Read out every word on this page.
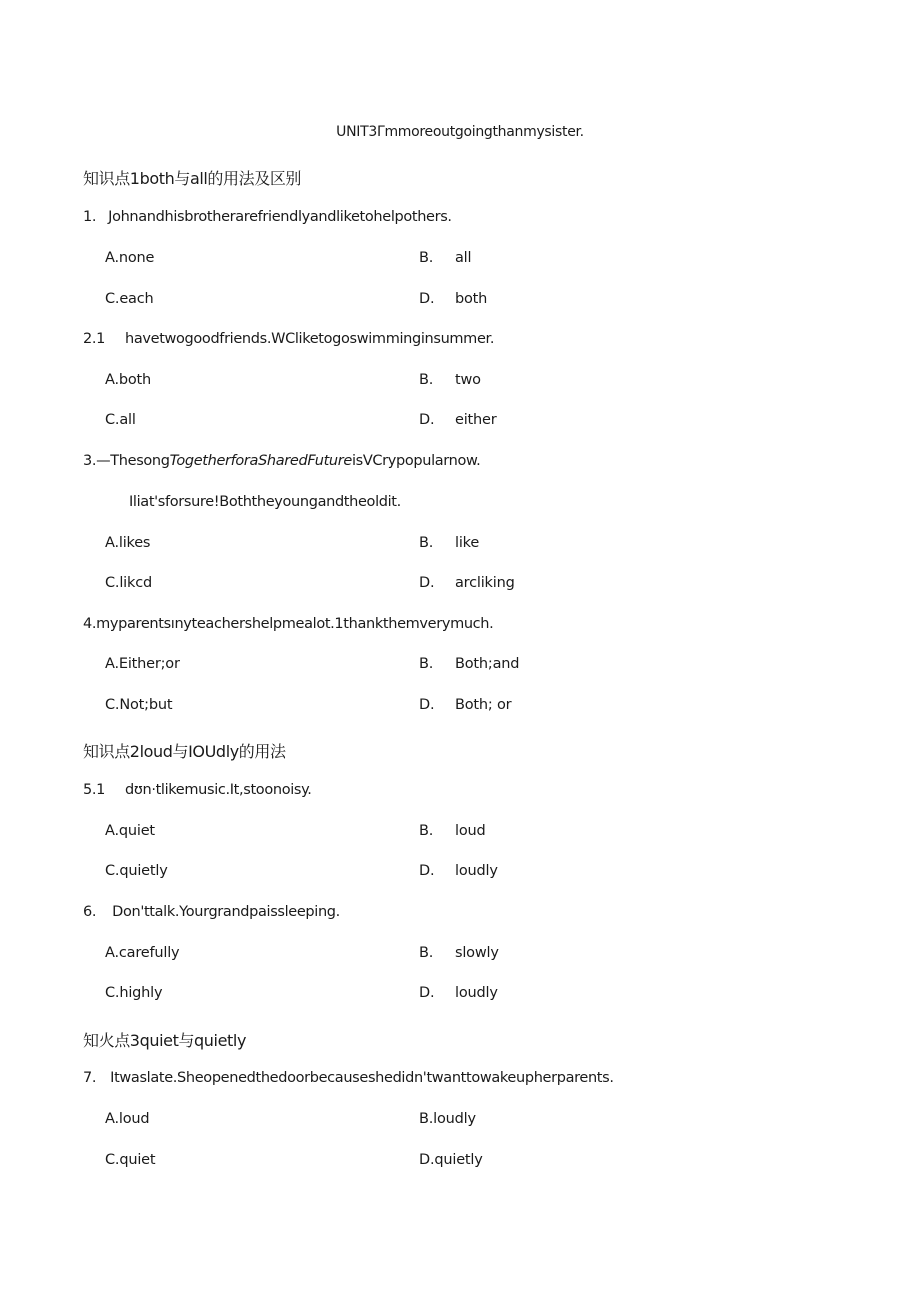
UNIT3Γmmoreoutgoingthanmysister.
知识点1both与all的用法及区别
1. Johnandhisbrotherarefriendlyandliketohelpothers.
A.none	B. all
C.each	D. both
2.1 havetwogoodfriends.WClike​togoswimminginsummer.
A.both	B. two
C.all	D. either
3.—ThesongTogetherforaSharedFutureisVCrypopularnow.
Iliat'sforsure!Boththeyoungandtheoldit.
A.likes	B. like
C.likcd	D. arcliking
4.myparentsınyteachershelpmealot.1thankthemverymuch.
A.Either;or	B. Both;and
C.Not;but	D. Both; or
知识点2loud与IOUdly的用法
5.1 dʊn·tlikemusic.It,stoonoisy.
A.quiet	B. loud
C.quietly	D. loudly
6. Don'ttalk.Yourgrandpaissleeping.
A.carefully	B. slowly
C.highly	D. loudly
知火点3quiet与quietly
7. Itwaslate.Sheopenedthedoorbecauseshedidn'twanttowakeupherparents.
A.loud	B.loudly
C.quiet	D.quietly
